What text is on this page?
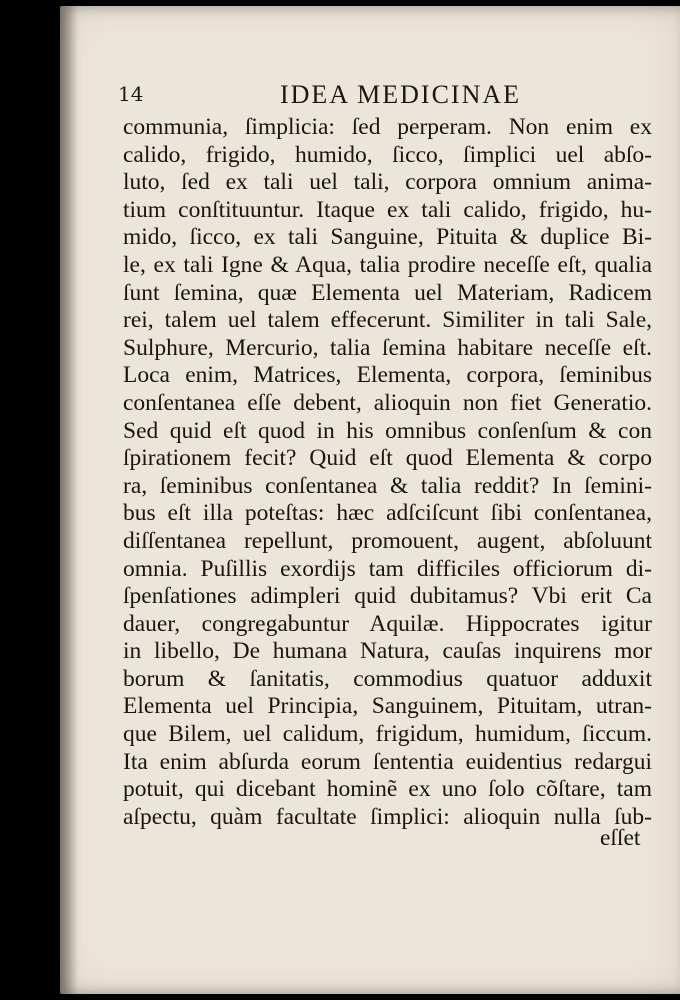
14	IDEA MEDICINAE
communia, ſimplicia: ſed perperam. Non enim ex
calido, frigido, humido, ſicco, ſimplici uel abſo-
luto, ſed ex tali uel tali, corpora omnium anima-
tium conſtituuntur. Itaque ex tali calido, frigido, hu-
mido, ſicco, ex tali Sanguine, Pituita & duplice Bi-
le, ex tali Igne & Aqua, talia prodire neceſſe eſt, qualia
ſunt ſemina, quæ Elementa uel Materiam, Radicem
rei, talem uel talem effecerunt. Similiter in tali Sale,
Sulphure, Mercurio, talia ſemina habitare neceſſe eſt.
Loca enim, Matrices, Elementa, corpora, ſeminibus
conſentanea eſſe debent, alioquin non fiet Generatio.
Sed quid eſt quod in his omnibus conſenſum & con
ſpirationem fecit? Quid eſt quod Elementa & corpo
ra, ſeminibus conſentanea & talia reddit? In ſemini-
bus eſt illa poteſtas: hæc adſciſcunt ſibi conſentanea,
diſſentanea repellunt, promouent, augent, abſoluunt
omnia. Puſillis exordijs tam difficiles officiorum di-
ſpenſationes adimpleri quid dubitamus? Vbi erit Ca
dauer, congregabuntur Aquilæ. Hippocrates igitur
in libello, De humana Natura, cauſas inquirens mor
borum & ſanitatis, commodius quatuor adduxit
Elementa uel Principia, Sanguinem, Pituitam, utran-
que Bilem, uel calidum, frigidum, humidum, ſiccum.
Ita enim abſurda eorum ſententia euidentius redargui
potuit, qui dicebant hominẽ ex uno ſolo cõſtare, tam
aſpectu, quàm facultate ſimplici: alioquin nulla ſub-
eſſet
